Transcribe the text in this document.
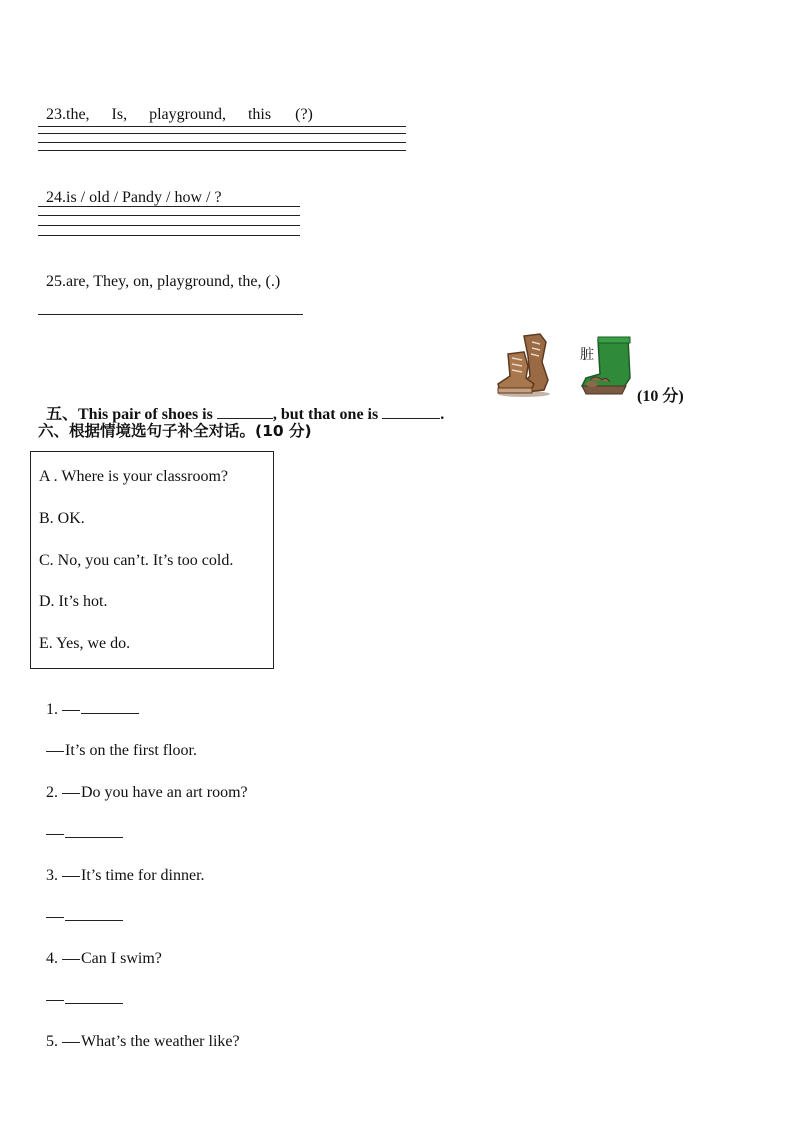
23.the, Is, playground, this (?)

24.is / old / Pandy / how / ?

25.are, They, on, playground, the, (.)

五、This pair of shoes is	, but that one is	.

脏
(10 分)
六、根据情境选句子补全对话。(10 分)
A . Where is your classroom?
B. OK.
C. No, you can’t. It’s too cold.
D. It’s hot.
E. Yes, we do.

1.

It’s on the first floor.

2. Do you have an art room?

3. It’s time for dinner.

4. Can I swim?

5. What’s the weather like?
